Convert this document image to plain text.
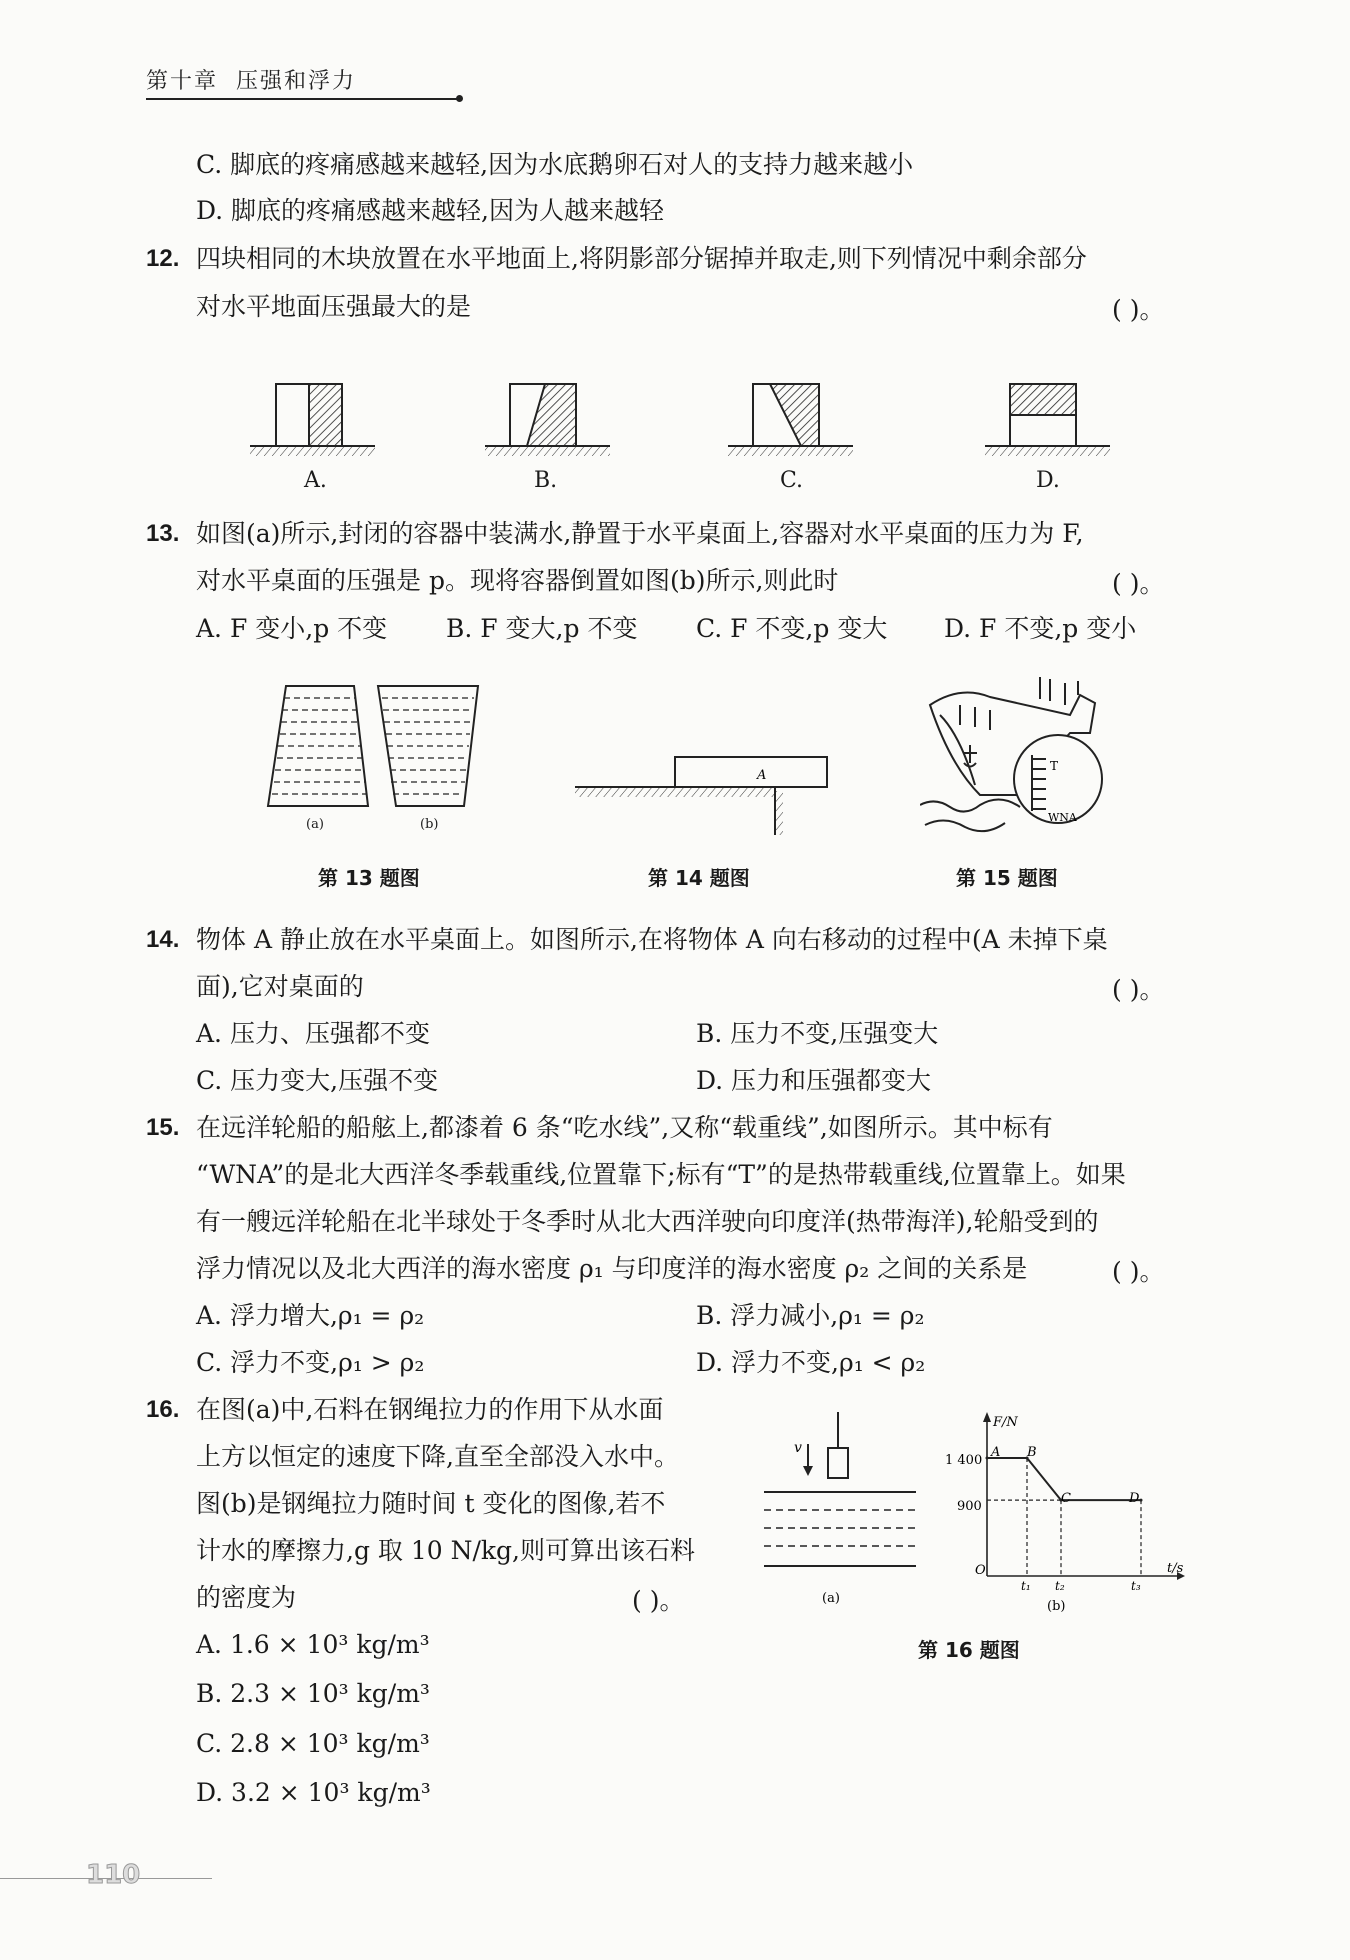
第十章 压强和浮力
C. 脚底的疼痛感越来越轻,因为水底鹅卵石对人的支持力越来越小
D. 脚底的疼痛感越来越轻,因为人越来越轻
12. 四块相同的木块放置在水平地面上,将阴影部分锯掉并取走,则下列情况中剩余部分
对水平地面压强最大的是	( )。
A.	B.	C.	D.
13. 如图(a)所示,封闭的容器中装满水,静置于水平桌面上,容器对水平桌面的压力为 F,
对水平桌面的压强是 p。现将容器倒置如图(b)所示,则此时	( )。
A. F 变小,p 不变 B. F 变大,p 不变 C. F 不变,p 变大 D. F 不变,p 变小
(a)	(b)
第 13 题图
A
第 14 题图
T
WNA
第 15 题图
14. 物体 A 静止放在水平桌面上。如图所示,在将物体 A 向右移动的过程中(A 未掉下桌
面),它对桌面的	( )。
A. 压力、压强都不变	B. 压力不变,压强变大
C. 压力变大,压强不变	D. 压力和压强都变大
15. 在远洋轮船的船舷上,都漆着 6 条“吃水线”,又称“载重线”,如图所示。其中标有
“WNA”的是北大西洋冬季载重线,位置靠下;标有“T”的是热带载重线,位置靠上。如果
有一艘远洋轮船在北半球处于冬季时从北大西洋驶向印度洋(热带海洋),轮船受到的
浮力情况以及北大西洋的海水密度 ρ₁ 与印度洋的海水密度 ρ₂ 之间的关系是	( )。
A. 浮力增大,ρ₁ = ρ₂	B. 浮力减小,ρ₁ = ρ₂
C. 浮力不变,ρ₁ > ρ₂	D. 浮力不变,ρ₁ < ρ₂
16. 在图(a)中,石料在钢绳拉力的作用下从水面
上方以恒定的速度下降,直至全部没入水中。
图(b)是钢绳拉力随时间 t 变化的图像,若不
计水的摩擦力,g 取 10 N/kg,则可算出该石料
的密度为	( )。
A. 1.6 × 10³ kg/m³
B. 2.3 × 10³ kg/m³
C. 2.8 × 10³ kg/m³
D. 3.2 × 10³ kg/m³
v
(a)
F/N
t/s
O
1 400
900
t₁ t₂	t₃
A B
C	D
(b)
第 16 题图
110
